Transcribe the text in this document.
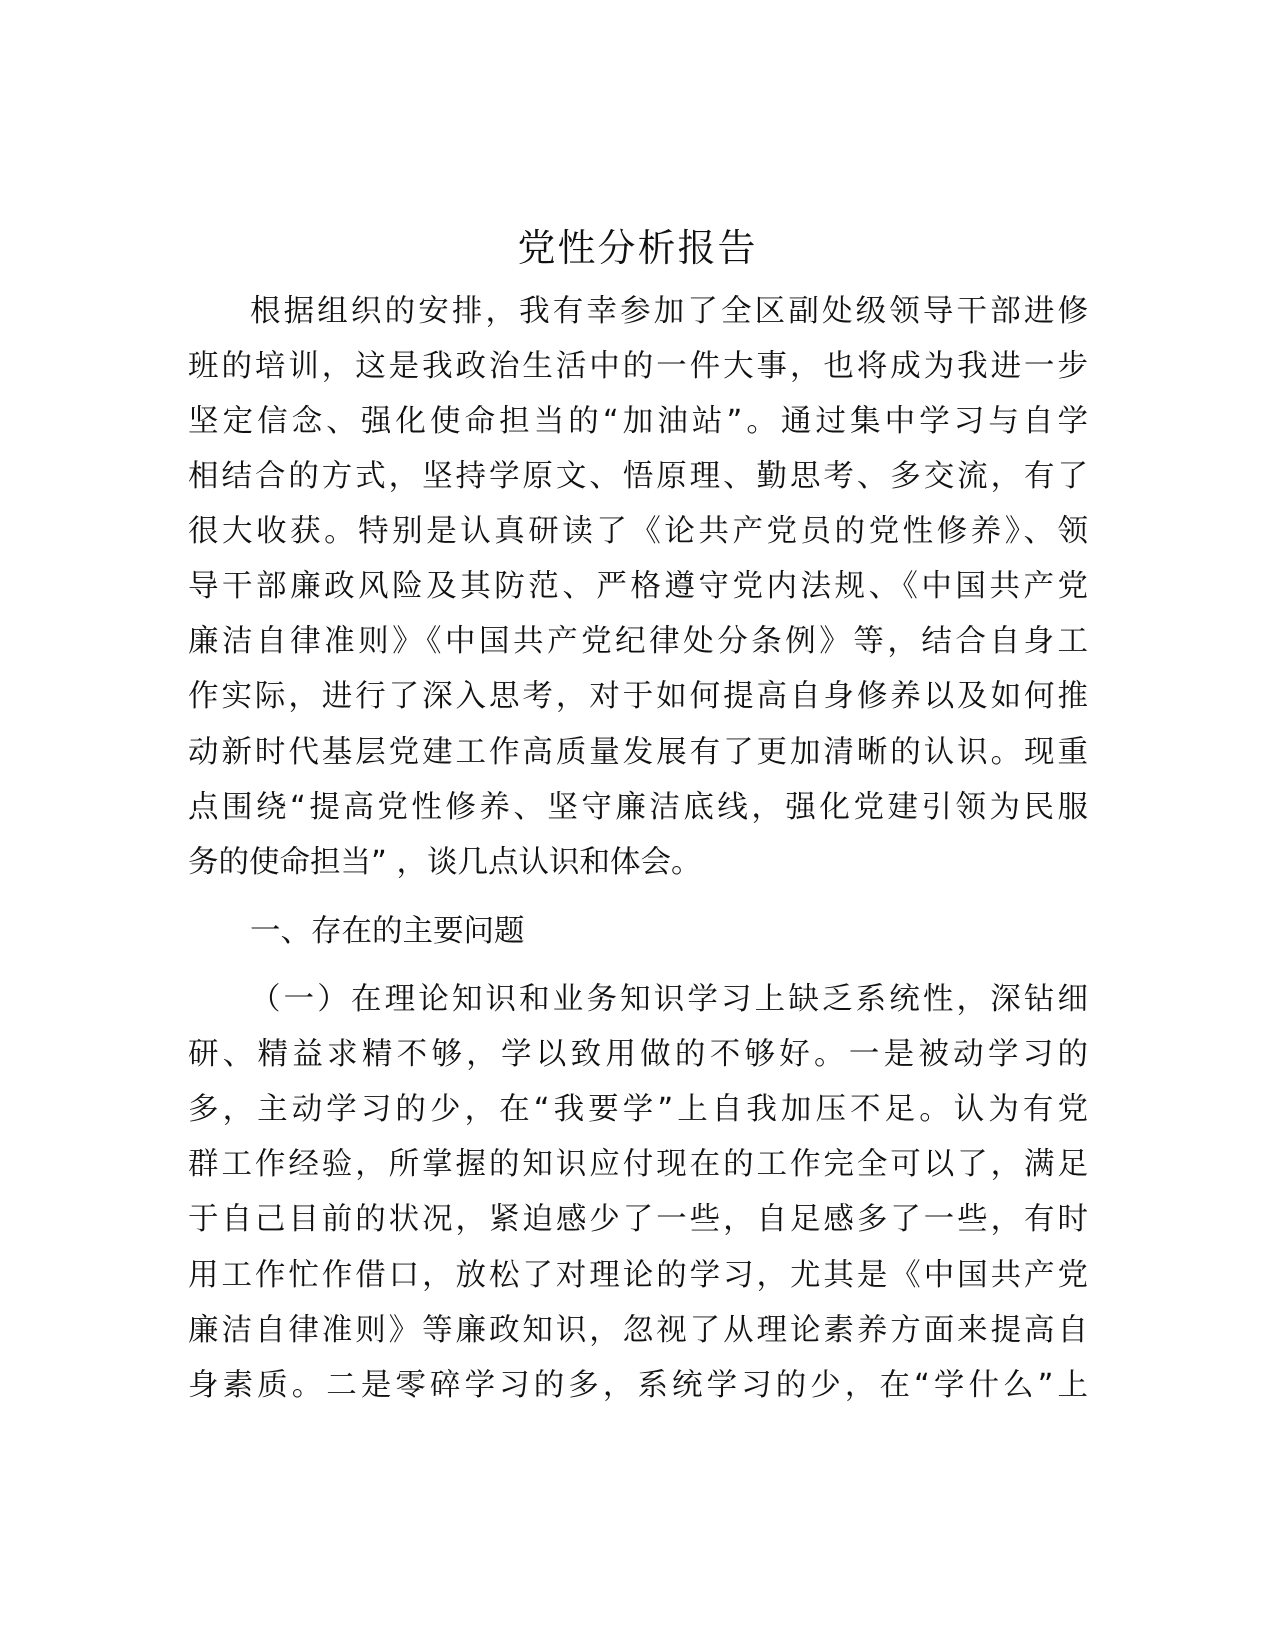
党性分析报告

根据组织的安排，我有幸参加了全区副处级领导干部进修

班的培训，这是我政治生活中的一件大事，也将成为我进一步

坚定信念、强化使命担当的“加油站”。通过集中学习与自学

相结合的方式，坚持学原文、悟原理、勤思考、多交流，有了

很大收获。特别是认真研读了《论共产党员的党性修养》、领

导干部廉政风险及其防范、严格遵守党内法规、《中国共产党

廉洁自律准则》《中国共产党纪律处分条例》等，结合自身工

作实际，进行了深入思考，对于如何提高自身修养以及如何推

动新时代基层党建工作高质量发展有了更加清晰的认识。现重

点围绕“提高党性修养、坚守廉洁底线，强化党建引领为民服

务的使命担当” ，谈几点认识和体会。

一、存在的主要问题

（一）在理论知识和业务知识学习上缺乏系统性，深钻细

研、精益求精不够，学以致用做的不够好。一是被动学习的

多，主动学习的少，在“我要学”上自我加压不足。认为有党

群工作经验，所掌握的知识应付现在的工作完全可以了，满足

于自己目前的状况，紧迫感少了一些，自足感多了一些，有时

用工作忙作借口，放松了对理论的学习，尤其是《中国共产党

廉洁自律准则》等廉政知识，忽视了从理论素养方面来提高自

身素质。二是零碎学习的多，系统学习的少，在“学什么”上
